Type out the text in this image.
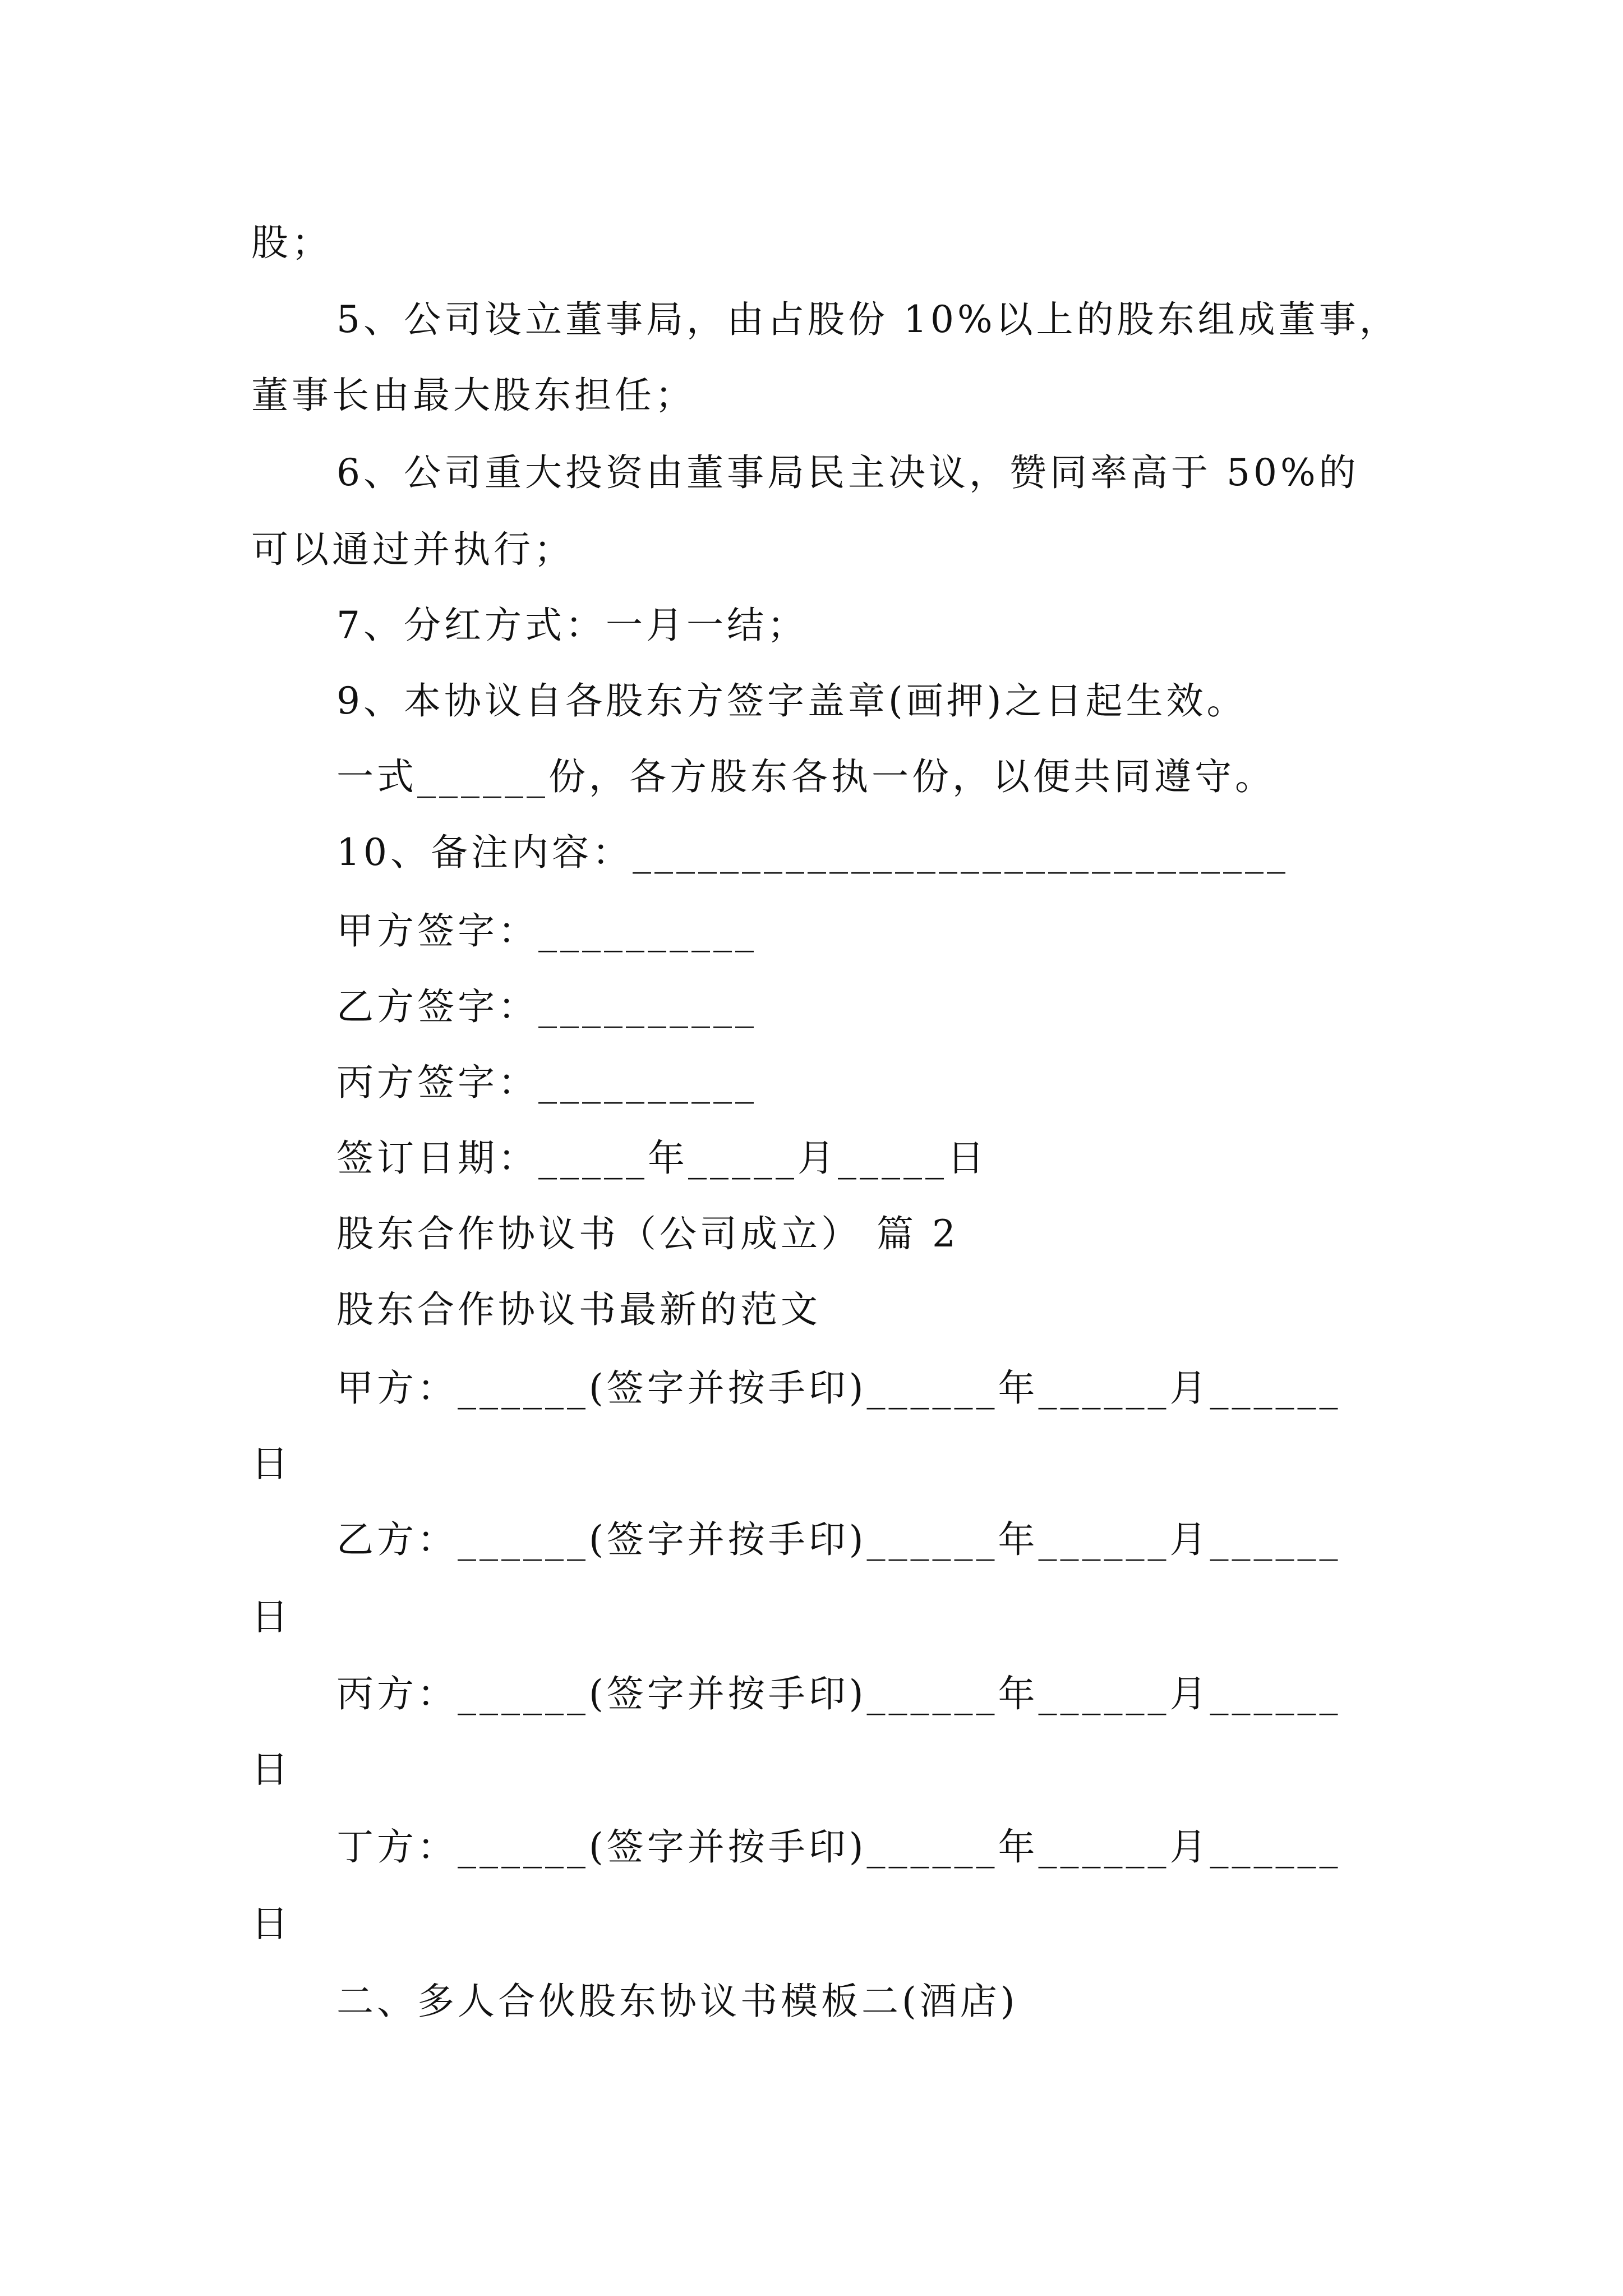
股；
5、公司设立董事局，由占股份 10%以上的股东组成董事，
董事长由最大股东担任；
6、公司重大投资由董事局民主决议，赞同率高于 50%的
可以通过并执行；
7、分红方式：一月一结；
9、本协议自各股东方签字盖章(画押)之日起生效。
一式______份，各方股东各执一份，以便共同遵守。
10、备注内容：______________________________
甲方签字：__________
乙方签字：__________
丙方签字：__________
签订日期：_____年_____月_____日
股东合作协议书（公司成立） 篇 2
股东合作协议书最新的范文
甲方：______(签字并按手印)______年______月______
日
乙方：______(签字并按手印)______年______月______
日
丙方：______(签字并按手印)______年______月______
日
丁方：______(签字并按手印)______年______月______
日
二、多人合伙股东协议书模板二(酒店)
